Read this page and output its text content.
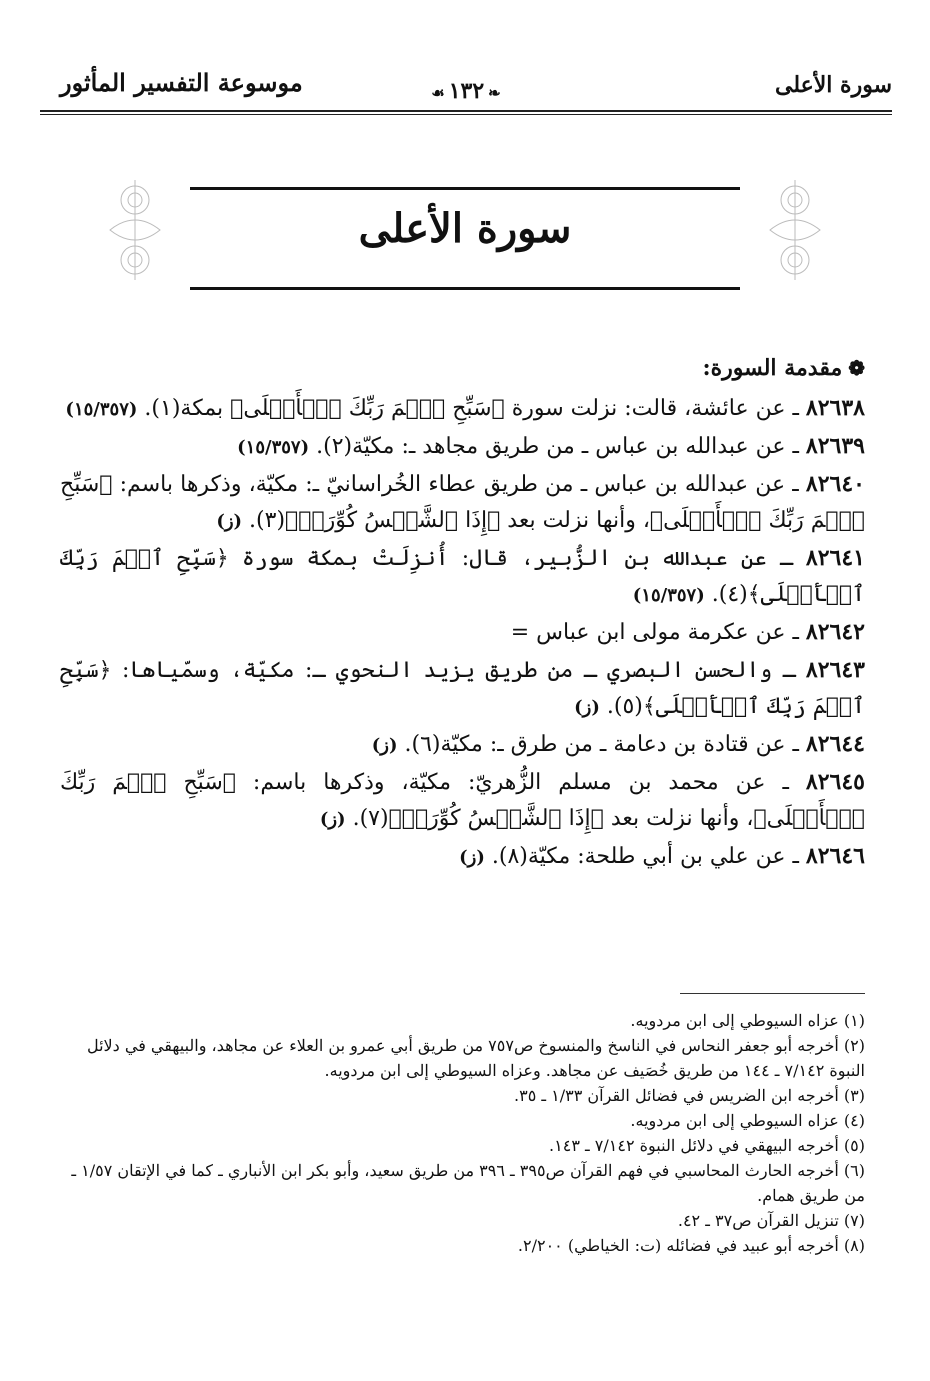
سورة الأعلى
❧١٣٢☙
موسوعة التفسير المأثور
سورة الأعلى
❁مقدمة السورة:

٨٢٦٣٨ ـ عن عائشة، قالت: نزلت سورة ﴿سَبِّحِ ٱسۡمَ رَبِّكَ ٱلۡأَعۡلَى﴾ بمكة(١). (١٥/٣٥٧)

٨٢٦٣٩ ـ عن عبدالله بن عباس ـ من طريق مجاهد ـ: مكيّة(٢). (١٥/٣٥٧)

٨٢٦٤٠ ـ عن عبدالله بن عباس ـ من طريق عطاء الخُراسانيّ ـ: مكيّة، وذكرها باسم: ﴿سَبِّحِ ٱسۡمَ رَبِّكَ ٱلۡأَعۡلَى﴾، وأنها نزلت بعد ﴿إِذَا ٱلشَّمۡسُ كُوِّرَتۡ﴾(٣). (ز)

٨٢٦٤١ ـ عن عبدالله بن الزُّبير، قال: أُنزِلَتْ بمكة سورة ﴿سَبِّحِ ٱسۡمَ رَبِّكَ ٱلۡأَعۡلَى﴾(٤). (١٥/٣٥٧)

٨٢٦٤٢ ـ عن عكرمة مولى ابن عباس =

٨٢٦٤٣ ـ والحسن البصري ـ من طريق يزيد النحوي ـ: مكيّة، وسمّياها: ﴿سَبِّحِ ٱسۡمَ رَبِّكَ ٱلۡأَعۡلَى﴾(٥). (ز)

٨٢٦٤٤ ـ عن قتادة بن دعامة ـ من طرق ـ: مكيّة(٦). (ز)

٨٢٦٤٥ ـ عن محمد بن مسلم الزُّهريّ: مكيّة، وذكرها باسم: ﴿سَبِّحِ ٱسۡمَ رَبِّكَ ٱلۡأَعۡلَى﴾، وأنها نزلت بعد ﴿إِذَا ٱلشَّمۡسُ كُوِّرَتۡ﴾(٧). (ز)

٨٢٦٤٦ ـ عن علي بن أبي طلحة: مكيّة(٨). (ز)

(١) عزاه السيوطي إلى ابن مردويه.

(٢) أخرجه أبو جعفر النحاس في الناسخ والمنسوخ ص٧٥٧ من طريق أبي عمرو بن العلاء عن مجاهد، والبيهقي في دلائل النبوة ٧/١٤٢ ـ ١٤٤ من طريق خُصَيف عن مجاهد. وعزاه السيوطي إلى ابن مردويه.

(٣) أخرجه ابن الضريس في فضائل القرآن ١/٣٣ ـ ٣٥.

(٤) عزاه السيوطي إلى ابن مردويه.

(٥) أخرجه البيهقي في دلائل النبوة ٧/١٤٢ ـ ١٤٣.

(٦) أخرجه الحارث المحاسبي في فهم القرآن ص٣٩٥ ـ ٣٩٦ من طريق سعيد، وأبو بكر ابن الأنباري ـ كما في الإتقان ١/٥٧ ـ من طريق همام.

(٧) تنزيل القرآن ص٣٧ ـ ٤٢.

(٨) أخرجه أبو عبيد في فضائله (ت: الخياطي) ٢/٢٠٠.
